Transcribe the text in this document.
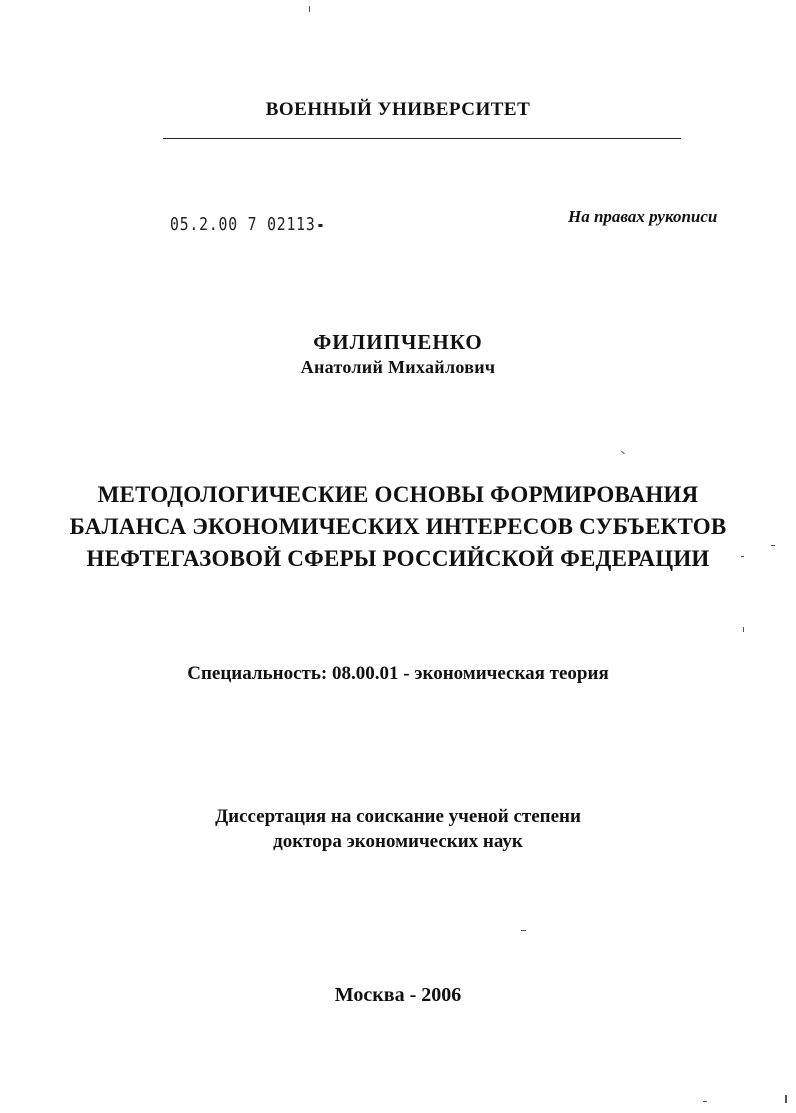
ВОЕННЫЙ УНИВЕРСИТЕТ
05.2.00 7 02113	На правах рукописи
ФИЛИПЧЕНКО
Анатолий Михайлович
МЕТОДОЛОГИЧЕСКИЕ ОСНОВЫ ФОРМИРОВАНИЯ
БАЛАНСА ЭКОНОМИЧЕСКИХ ИНТЕРЕСОВ СУБЪЕКТОВ
НЕФТЕГАЗОВОЙ СФЕРЫ РОССИЙСКОЙ ФЕДЕРАЦИИ
Специальность: 08.00.01 - экономическая теория
Диссертация на соискание ученой степени
доктора экономических наук
Москва - 2006
